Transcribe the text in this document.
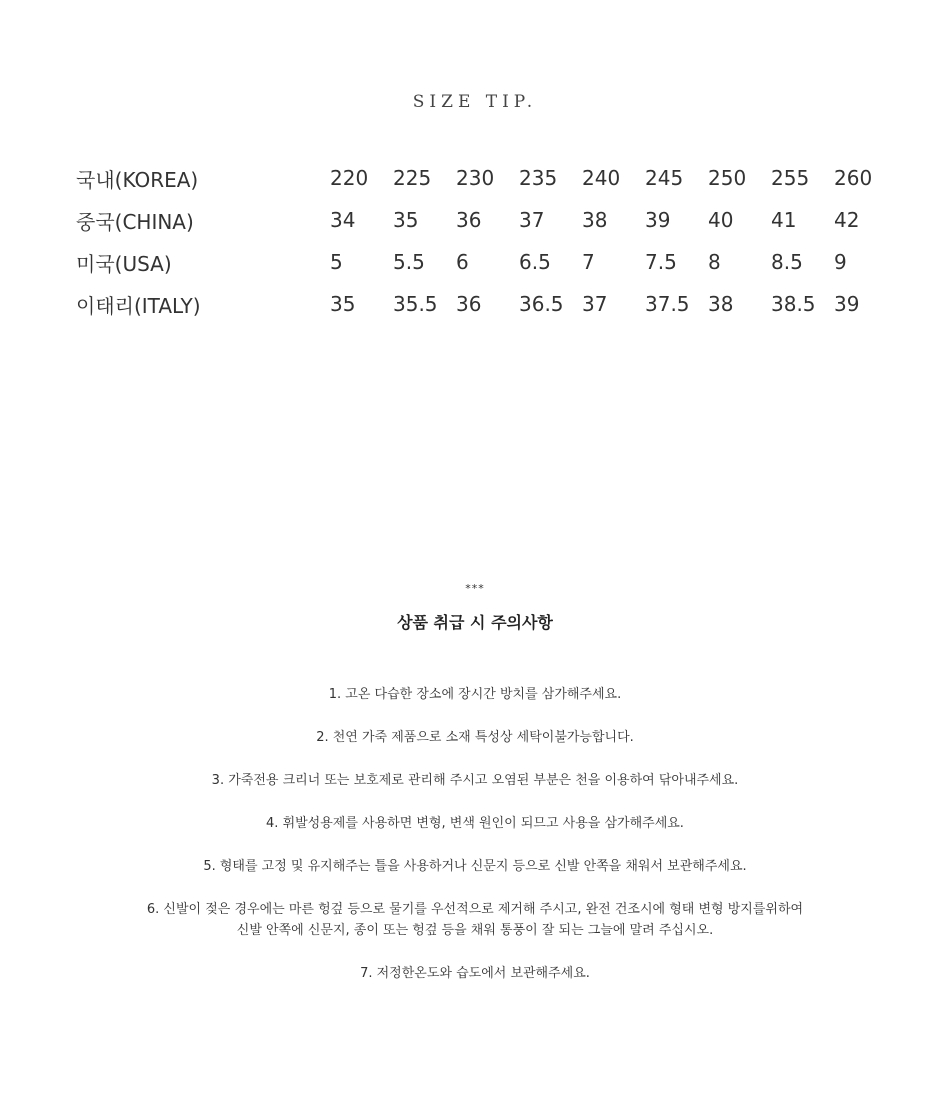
SIZE TIP.
국내(KOREA)	220	225	230	235	240	245	250	255	260
중국(CHINA)	34	35	36	37	38	39	40	41	42
미국(USA)	5	5.5	6	6.5	7	7.5	8	8.5	9
이태리(ITALY)	35	35.5	36	36.5	37	37.5	38	38.5	39
***
상품 취급 시 주의사항
1. 고온 다습한 장소에 장시간 방치를 삼가해주세요.
2. 천연 가죽 제품으로 소재 특성상 세탁이불가능합니다.
3. 가죽전용 크리너 또는 보호제로 관리해 주시고 오염된 부분은 천을 이용하여 닦아내주세요.
4. 휘발성용제를 사용하면 변형, 변색 원인이 되므고 사용을 삼가해주세요.
5. 형태를 고정 및 유지해주는 틀을 사용하거나 신문지 등으로 신발 안쪽을 채워서 보관해주세요.
6. 신발이 젖은 경우에는 마른 헝겊 등으로 물기를 우선적으로 제거해 주시고, 완전 건조시에 형태 변형 방지를위하여
신발 안쪽에 신문지, 종이 또는 헝겊 등을 채워 통풍이 잘 되는 그늘에 말려 주십시오.
7. 저정한온도와 습도에서 보관해주세요.
